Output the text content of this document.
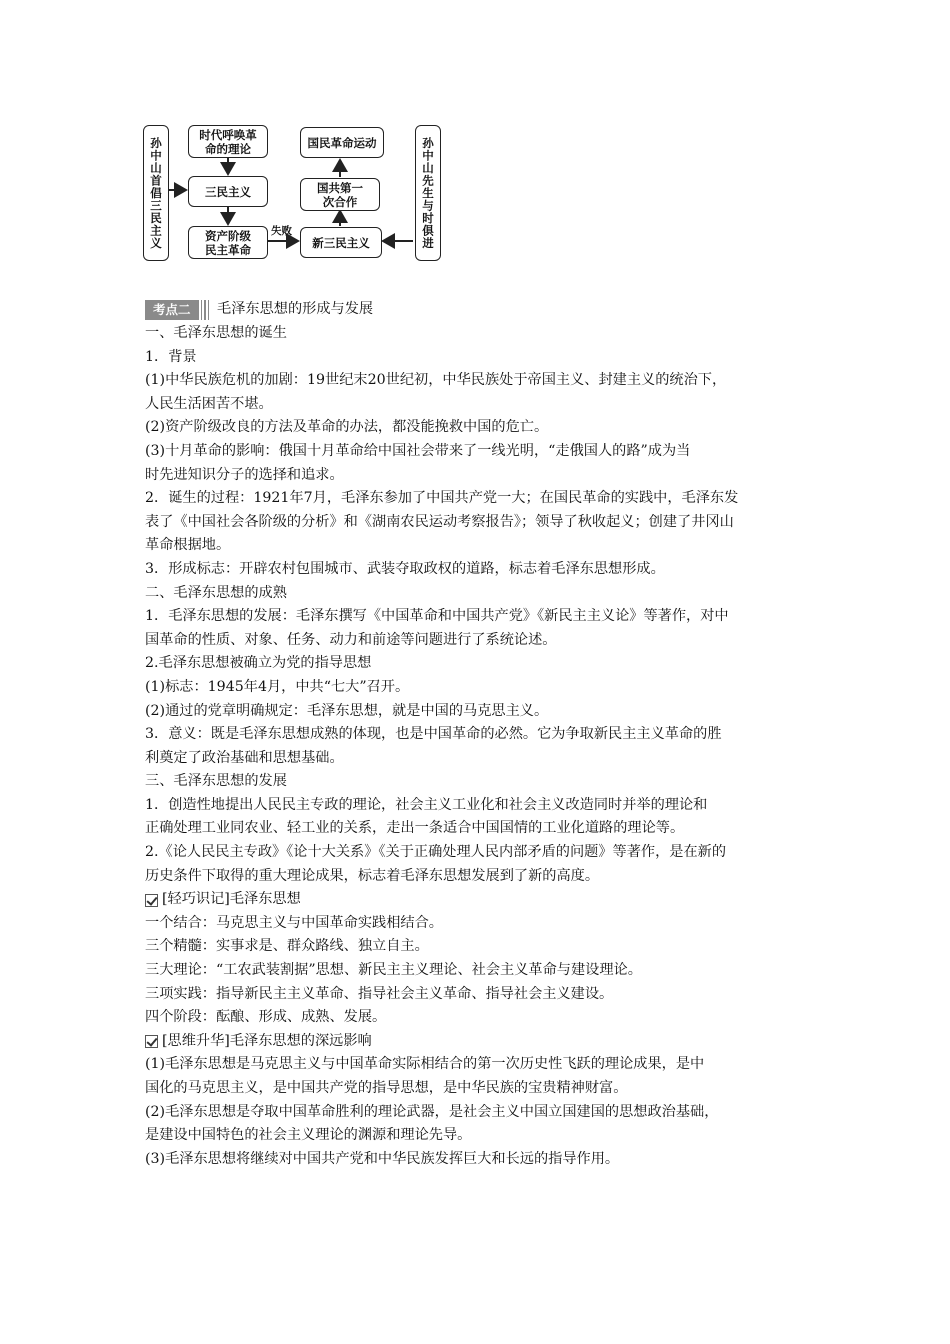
孙中山首倡三民主义
时代呼唤革
命的理论
三民主义
资产阶级
民主革命
失败
国民革命运动
国共第一
次合作
新三民主义	孙中山先生与时俱进
考点二	毛泽东思想的形成与发展

一、毛泽东思想的诞生

1．背景

(1)中华民族危机的加剧：19世纪末20世纪初，中华民族处于帝国主义、封建主义的统治下，

人民生活困苦不堪。

(2)资产阶级改良的方法及革命的办法，都没能挽救中国的危亡。

(3)十月革命的影响：俄国十月革命给中国社会带来了一线光明，“走俄国人的路”成为当

时先进知识分子的选择和追求。

2．诞生的过程：1921年7月，毛泽东参加了中国共产党一大；在国民革命的实践中，毛泽东发

表了《中国社会各阶级的分析》和《湖南农民运动考察报告》；领导了秋收起义；创建了井冈山

革命根据地。

3．形成标志：开辟农村包围城市、武装夺取政权的道路，标志着毛泽东思想形成。

二、毛泽东思想的成熟

1．毛泽东思想的发展：毛泽东撰写《中国革命和中国共产党》《新民主主义论》等著作，对中

国革命的性质、对象、任务、动力和前途等问题进行了系统论述。

2.毛泽东思想被确立为党的指导思想

(1)标志：1945年4月，中共“七大”召开。

(2)通过的党章明确规定：毛泽东思想，就是中国的马克思主义。

3．意义：既是毛泽东思想成熟的体现，也是中国革命的必然。它为争取新民主主义革命的胜

利奠定了政治基础和思想基础。

三、毛泽东思想的发展

1．创造性地提出人民民主专政的理论，社会主义工业化和社会主义改造同时并举的理论和

正确处理工业同农业、轻工业的关系，走出一条适合中国国情的工业化道路的理论等。

2.《论人民民主专政》《论十大关系》《关于正确处理人民内部矛盾的问题》等著作，是在新的

历史条件下取得的重大理论成果，标志着毛泽东思想发展到了新的高度。

[轻巧识记]毛泽东思想

一个结合：马克思主义与中国革命实践相结合。

三个精髓：实事求是、群众路线、独立自主。

三大理论：“工农武装割据”思想、新民主主义理论、社会主义革命与建设理论。

三项实践：指导新民主主义革命、指导社会主义革命、指导社会主义建设。

四个阶段：酝酿、形成、成熟、发展。

[思维升华]毛泽东思想的深远影响

(1)毛泽东思想是马克思主义与中国革命实际相结合的第一次历史性飞跃的理论成果，是中

国化的马克思主义，是中国共产党的指导思想，是中华民族的宝贵精神财富。

(2)毛泽东思想是夺取中国革命胜利的理论武器，是社会主义中国立国建国的思想政治基础，

是建设中国特色的社会主义理论的渊源和理论先导。

(3)毛泽东思想将继续对中国共产党和中华民族发挥巨大和长远的指导作用。
